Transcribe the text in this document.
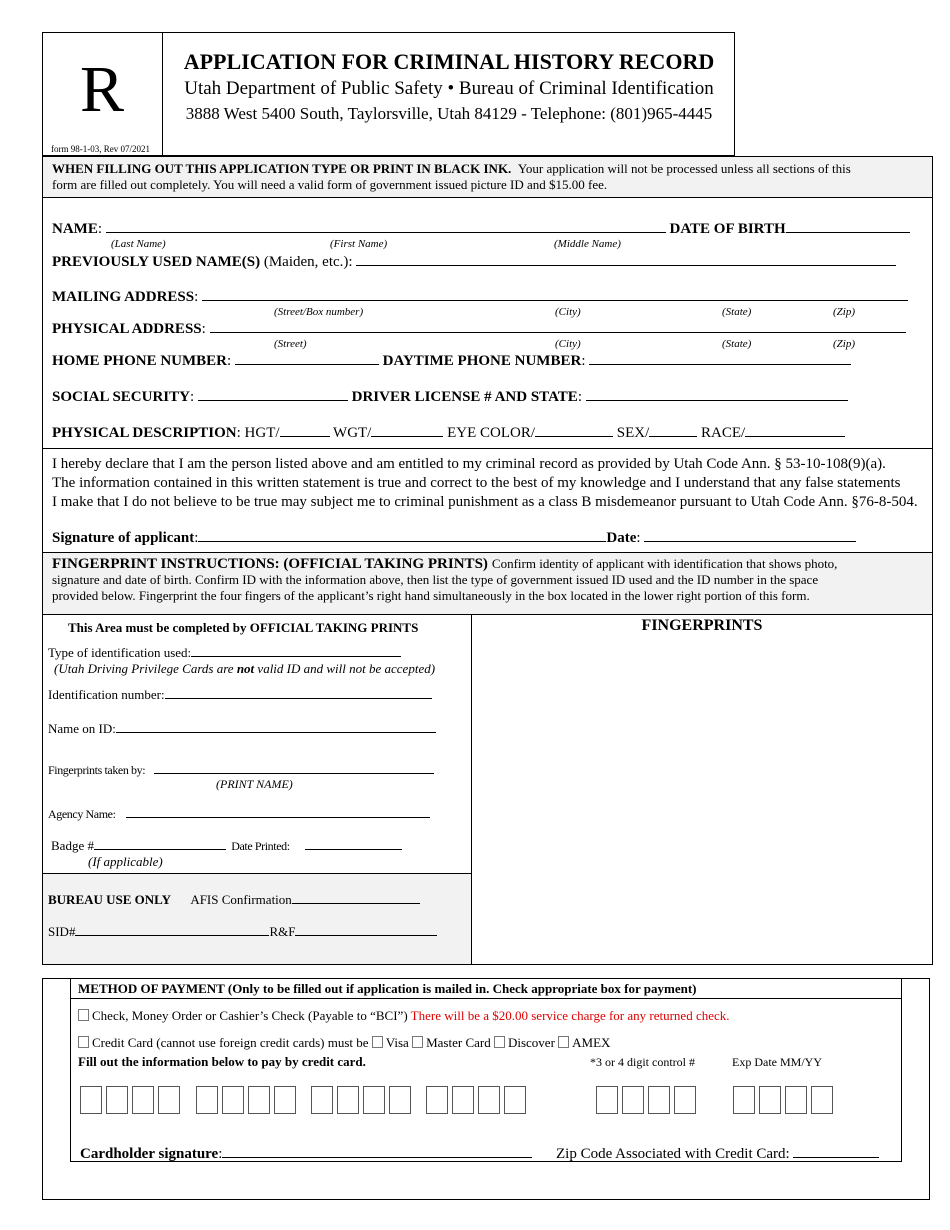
R
form 98-1-03, Rev 07/2021
APPLICATION FOR CRIMINAL HISTORY RECORD
Utah Department of Public Safety • Bureau of Criminal Identification
3888 West 5400 South, Taylorsville, Utah 84129 - Telephone: (801)965-4445
WHEN FILLING OUT THIS APPLICATION TYPE OR PRINT IN BLACK INK. Your application will not be processed unless all sections of this
form are filled out completely. You will need a valid form of government issued picture ID and $15.00 fee.
NAME:	DATE OF BIRTH
(Last Name)	(First Name)	(Middle Name)
PREVIOUSLY USED NAME(S) (Maiden, etc.):
MAILING ADDRESS:
(Street/Box number)	(City)	(State)	(Zip)
PHYSICAL ADDRESS:
(Street)	(City)	(State)	(Zip)
HOME PHONE NUMBER:	DAYTIME PHONE NUMBER:
SOCIAL SECURITY:	DRIVER LICENSE # AND STATE:
PHYSICAL DESCRIPTION: HGT/	WGT/	EYE COLOR/	SEX/	RACE/
I hereby declare that I am the person listed above and am entitled to my criminal record as provided by Utah Code Ann. § 53-10-108(9)(a).
The information contained in this written statement is true and correct to the best of my knowledge and I understand that any false statements
I make that I do not believe to be true may subject me to criminal punishment as a class B misdemeanor pursuant to Utah Code Ann. §76-8-504.
Signature of applicant:	Date:
FINGERPRINT INSTRUCTIONS: (OFFICIAL TAKING PRINTS) Confirm identity of applicant with identification that shows photo,
signature and date of birth. Confirm ID with the information above, then list the type of government issued ID used and the ID number in the space
provided below. Fingerprint the four fingers of the applicant’s right hand simultaneously in the box located in the lower right portion of this form.
This Area must be completed by OFFICIAL TAKING PRINTS
Type of identification used:
(Utah Driving Privilege Cards are not valid ID and will not be accepted)
Identification number:
Name on ID:
Fingerprints taken by:
(PRINT NAME)
Agency Name:
Badge #	Date Printed:
(If applicable)
BUREAU USE ONLY AFIS Confirmation
SID#	R&F
FINGERPRINTS
METHOD OF PAYMENT (Only to be filled out if application is mailed in. Check appropriate box for payment)
Check, Money Order or Cashier’s Check (Payable to “BCI”) There will be a $20.00 service charge for any returned check.
Credit Card (cannot use foreign credit cards) must be Visa Master Card Discover AMEX
Fill out the information below to pay by credit card.	*3 or 4 digit control #	Exp Date MM/YY
Cardholder signature:	Zip Code Associated with Credit Card:
